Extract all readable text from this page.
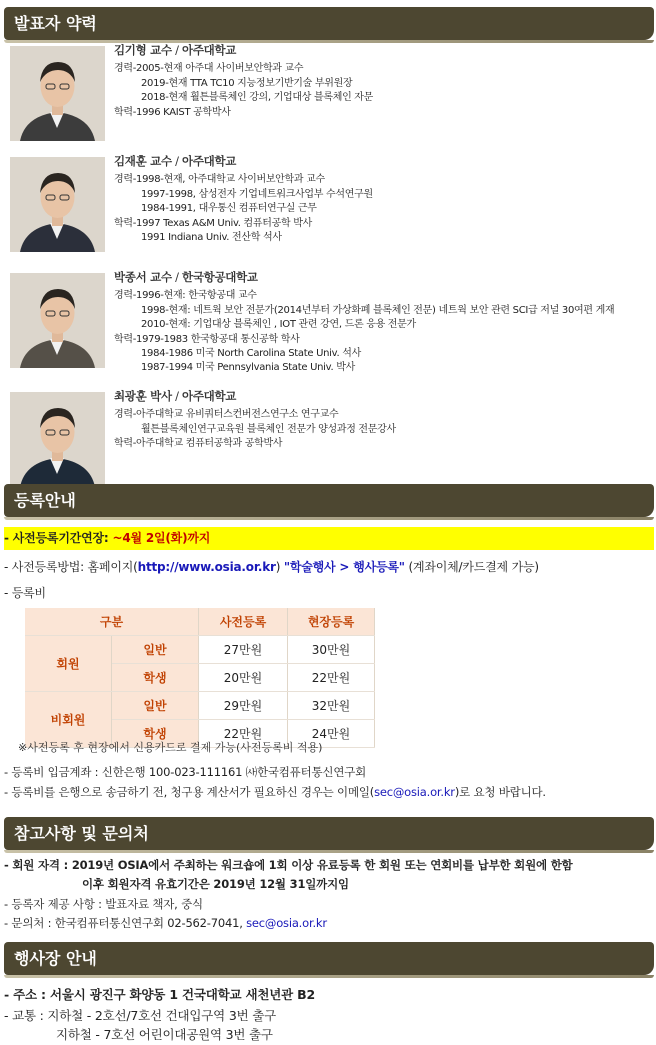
발표자 약력
김기형 교수 / 아주대학교
경력-2005-현재 아주대 사이버보안학과 교수
2019-현재 TTA TC10 지능정보기반기술 부위원장
2018-현재 훨튼블록체인 강의, 기업대상 블록체인 자문
학력-1996 KAIST 공학박사
김재훈 교수 / 아주대학교
경력-1998-현재, 아주대학교 사이버보안학과 교수
1997-1998, 삼성전자 기업네트워크사업부 수석연구원
1984-1991, 대우통신 컴퓨터연구실 근무
학력-1997 Texas A&M Univ. 컴퓨터공학 박사
1991 Indiana Univ. 전산학 석사
박종서 교수 / 한국항공대학교
경력-1996-현재: 한국항공대 교수
1998-현재: 네트웍 보안 전문가(2014년부터 가상화폐 블록체인 전문) 네트웍 보안 관련 SCI급 저널 30여편 게재
2010-현재: 기업대상 블록체인 , IOT 관련 강연, 드론 응용 전문가
학력-1979-1983 한국항공대 통신공학 학사
1984-1986 미국 North Carolina State Univ. 석사
1987-1994 미국 Pennsylvania State Univ. 박사
최광훈 박사 / 아주대학교
경력-아주대학교 유비쿼터스컨버전스연구소 연구교수
훨튼블록체인연구교육원 블록체인 전문가 양성과정 전문강사
학력-아주대학교 컴퓨터공학과 공학박사
등록안내
- 사전등록기간연장: ~4월 2일(화)까지
- 사전등록방법: 홈페이지(http://www.osia.or.kr) "학술행사 > 행사등록" (계좌이체/카드결제 가능)
- 등록비
구분		사전등록	현장등록
회원	일반	27만원	30만원
	학생	20만원	22만원
비회원	일반	29만원	32만원
	학생	22만원	24만원
※사전등록 후 현장에서 신용카드로 결제 가능(사전등록비 적용)
- 등록비 입금계좌 : 신한은행 100-023-111161 ㈔한국컴퓨터통신연구회
- 등록비를 은행으로 송금하기 전, 청구용 계산서가 필요하신 경우는 이메일(sec@osia.or.kr)로 요청 바랍니다.
참고사항 및 문의처
- 회원 자격 : 2019년 OSIA에서 주최하는 워크숍에 1회 이상 유료등록 한 회원 또는 연회비를 납부한 회원에 한함
이후 회원자격 유효기간은 2019년 12월 31일까지임
- 등록자 제공 사항 : 발표자료 책자, 중식
- 문의처 : 한국컴퓨터통신연구회 02-562-7041, sec@osia.or.kr
행사장 안내
- 주소 : 서울시 광진구 화양동 1 건국대학교 새천년관 B2
- 교통 : 지하철 - 2호선/7호선 건대입구역 3번 출구
지하철 - 7호선 어린이대공원역 3번 출구
